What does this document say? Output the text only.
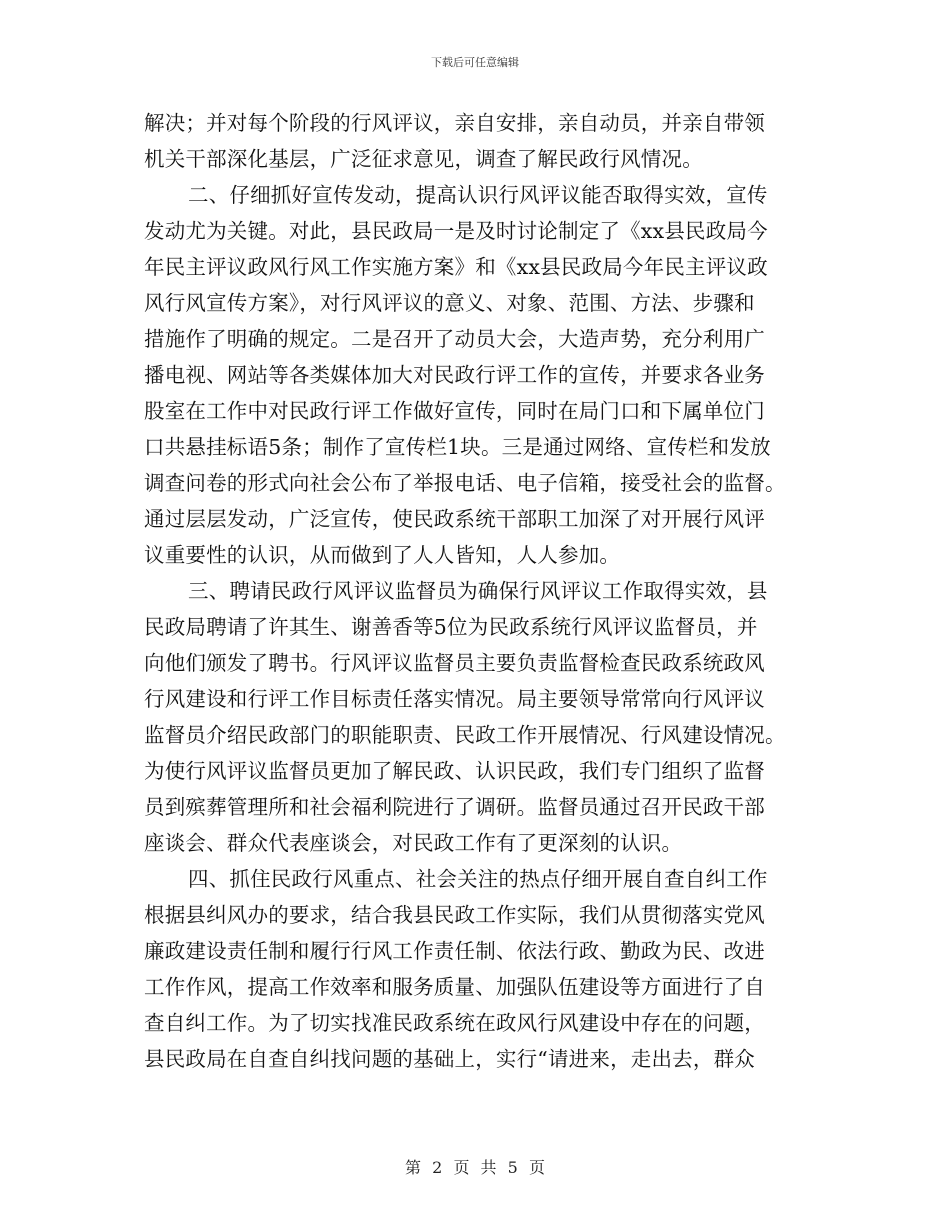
下载后可任意编辑
解决；并对每个阶段的行风评议，亲自安排，亲自动员，并亲自带领
机关干部深化基层，广泛征求意见，调查了解民政行风情况。
二、仔细抓好宣传发动，提高认识行风评议能否取得实效，宣传
发动尤为关键。对此，县民政局一是及时讨论制定了《xx县民政局今
年民主评议政风行风工作实施方案》和《xx县民政局今年民主评议政
风行风宣传方案》，对行风评议的意义、对象、范围、方法、步骤和
措施作了明确的规定。二是召开了动员大会，大造声势，充分利用广
播电视、网站等各类媒体加大对民政行评工作的宣传，并要求各业务
股室在工作中对民政行评工作做好宣传，同时在局门口和下属单位门
口共悬挂标语5条；制作了宣传栏1块。三是通过网络、宣传栏和发放
调查问卷的形式向社会公布了举报电话、电子信箱，接受社会的监督。
通过层层发动，广泛宣传，使民政系统干部职工加深了对开展行风评
议重要性的认识，从而做到了人人皆知，人人参加。
三、聘请民政行风评议监督员为确保行风评议工作取得实效，县
民政局聘请了许其生、谢善香等5位为民政系统行风评议监督员，并
向他们颁发了聘书。行风评议监督员主要负责监督检查民政系统政风
行风建设和行评工作目标责任落实情况。局主要领导常常向行风评议
监督员介绍民政部门的职能职责、民政工作开展情况、行风建设情况。
为使行风评议监督员更加了解民政、认识民政，我们专门组织了监督
员到殡葬管理所和社会福利院进行了调研。监督员通过召开民政干部
座谈会、群众代表座谈会，对民政工作有了更深刻的认识。
四、抓住民政行风重点、社会关注的热点仔细开展自查自纠工作
根据县纠风办的要求，结合我县民政工作实际，我们从贯彻落实党风
廉政建设责任制和履行行风工作责任制、依法行政、勤政为民、改进
工作作风，提高工作效率和服务质量、加强队伍建设等方面进行了自
查自纠工作。为了切实找准民政系统在政风行风建设中存在的问题，
县民政局在自查自纠找问题的基础上，实行“请进来，走出去，群众
第 2 页 共 5 页
